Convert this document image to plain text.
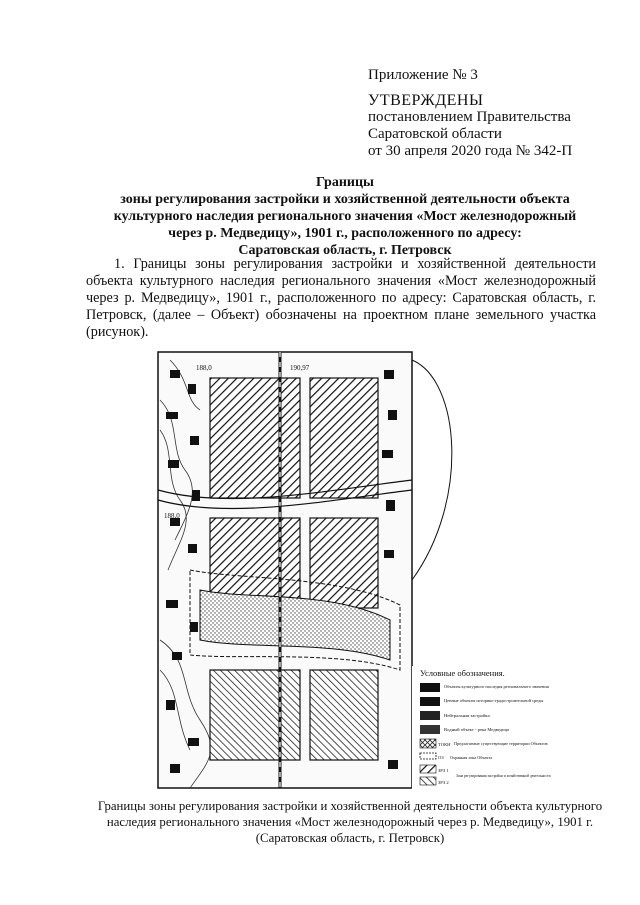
Приложение № 3
УТВЕРЖДЕНЫ
постановлением Правительства
Саратовской области
от 30 апреля 2020 года № 342-П
Границы
зоны регулирования застройки и хозяйственной деятельности объекта
культурного наследия регионального значения «Мост железнодорожный
через р. Медведицу», 1901 г., расположенного по адресу:
Саратовская область, г. Петровск
1. Границы зоны регулирования застройки и хозяйственной деятельности объекта культурного наследия регионального значения «Мост железнодорожный через р. Медведицу», 1901 г., расположенного по адресу: Саратовская область, г. Петровск, (далее – Объект) обозначены на проектном плане земельного участка (рисунок).
188,0	190,97
188,0
Условные обозначения.
Объекты культурного наследия регионального значения
Ценные объекты историко-градостроительной среды
Нейтральная застройка
Водный объект - река Медведица
ТОКН Предлагаемые существующие территории Объектов
ОЗ Охранная зона Объекта
ЗРЗ 1
ЗРЗ 2
Зона регулирования застройки и хозяйственной деятельности
Границы зоны регулирования застройки и хозяйственной деятельности объекта культурного
наследия регионального значения «Мост железнодорожный через р. Медведицу», 1901 г.
(Саратовская область, г. Петровск)
